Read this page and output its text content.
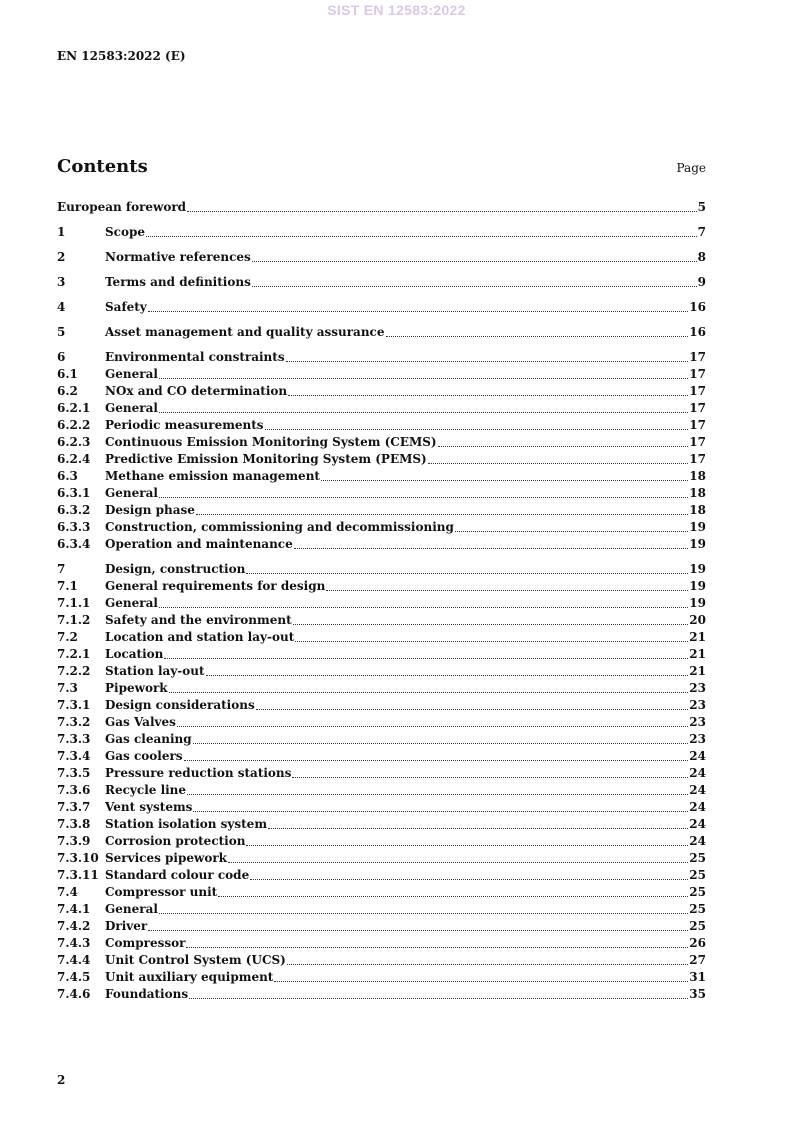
SIST EN 12583:2022
EN 12583:2022 (E)
Contents	Page
European foreword	5
1	Scope	7
2	Normative references	8
3	Terms and definitions	9
4	Safety	16
5	Asset management and quality assurance	16
6	Environmental constraints	17
6.1	General	17
6.2	NOx and CO determination	17
6.2.1	General	17
6.2.2	Periodic measurements	17
6.2.3	Continuous Emission Monitoring System (CEMS)	17
6.2.4	Predictive Emission Monitoring System (PEMS)	17
6.3	Methane emission management	18
6.3.1	General	18
6.3.2	Design phase	18
6.3.3	Construction, commissioning and decommissioning	19
6.3.4	Operation and maintenance	19
7	Design, construction	19
7.1	General requirements for design	19
7.1.1	General	19
7.1.2	Safety and the environment	20
7.2	Location and station lay-out	21
7.2.1	Location	21
7.2.2	Station lay-out	21
7.3	Pipework	23
7.3.1	Design considerations	23
7.3.2	Gas Valves	23
7.3.3	Gas cleaning	23
7.3.4	Gas coolers	24
7.3.5	Pressure reduction stations	24
7.3.6	Recycle line	24
7.3.7	Vent systems	24
7.3.8	Station isolation system	24
7.3.9	Corrosion protection	24
7.3.10 Services pipework	25
7.3.11 Standard colour code	25
7.4	Compressor unit	25
7.4.1	General	25
7.4.2	Driver	25
7.4.3	Compressor	26
7.4.4	Unit Control System (UCS)	27
7.4.5	Unit auxiliary equipment	31
7.4.6	Foundations	35
2
